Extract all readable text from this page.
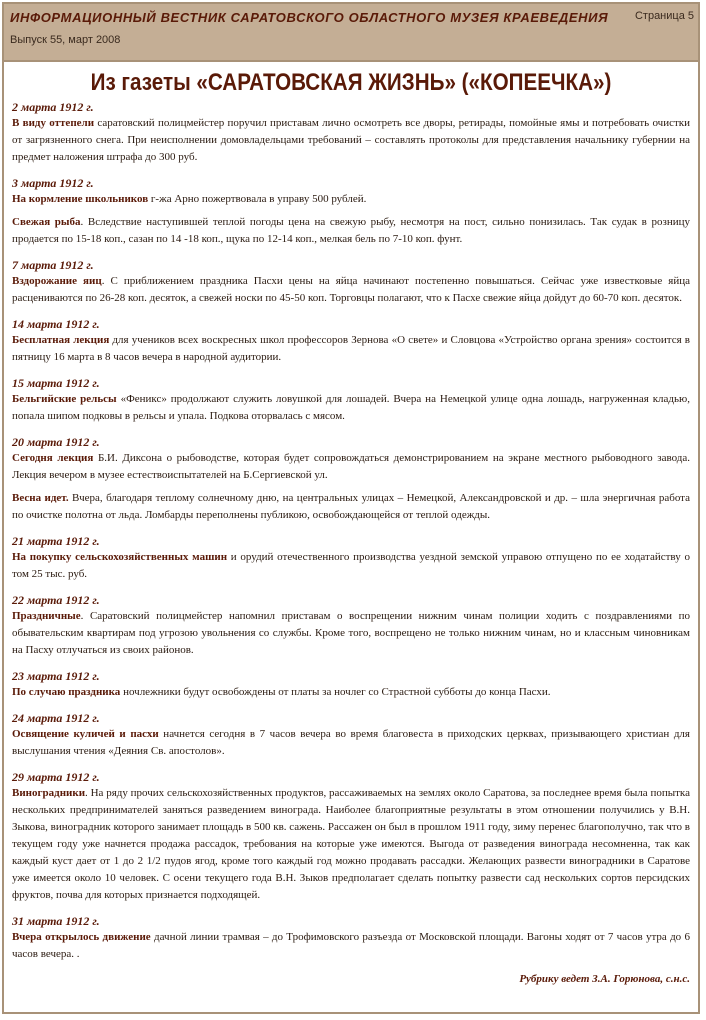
ИНФОРМАЦИОННЫЙ ВЕСТНИК САРАТОВСКОГО ОБЛАСТНОГО МУЗЕЯ КРАЕВЕДЕНИЯ
Выпуск 55, март 2008
Страница 5
Из газеты «САРАТОВСКАЯ ЖИЗНЬ» («КОПЕЕЧКА»)
2 марта 1912 г.

В виду оттепели саратовский полицмейстер поручил приставам лично осмотреть все дворы, ретирады, помойные ямы и потребовать очистки от загрязненного снега. При неисполнении домовладельцами требований – составлять протоколы для представления начальнику губернии на предмет наложения штрафа до 300 руб.

3 марта 1912 г.

На кормление школьников г-жа Арно пожертвовала в управу 500 рублей.

Свежая рыба. Вследствие наступившей теплой погоды цена на свежую рыбу, несмотря на пост, сильно понизилась. Так судак в розницу продается по 15-18 коп., сазан по 14 -18 коп., щука по 12-14 коп., мелкая бель по 7-10 коп. фунт.

7 марта 1912 г.

Вздорожание яиц. С приближением праздника Пасхи цены на яйца начинают постепенно повышаться. Сейчас уже известковые яйца расцениваются по 26-28 коп. десяток, а свежей носки по 45-50 коп. Торговцы полагают, что к Пасхе свежие яйца дойдут до 60-70 коп. десяток.

14 марта 1912 г.

Бесплатная лекция для учеников всех воскресных школ профессоров Зернова «О свете» и Словцова «Устройство органа зрения» состоится в пятницу 16 марта в 8 часов вечера в народной аудитории.

15 марта 1912 г.

Бельгийские рельсы «Феникс» продолжают служить ловушкой для лошадей. Вчера на Немецкой улице одна лошадь, нагруженная кладью, попала шипом подковы в рельсы и упала. Подкова оторвалась с мясом.

20 марта 1912 г.

Сегодня лекция Б.И. Диксона о рыбоводстве, которая будет сопровождаться демонстрированием на экране местного рыбоводного завода. Лекция вечером в музее естествоиспытателей на Б.Сергиевской ул.

Весна идет. Вчера, благодаря теплому солнечному дню, на центральных улицах – Немецкой, Александровской и др. – шла энергичная работа по очистке полотна от льда. Ломбарды переполнены публикою, освобождающейся от теплой одежды.

21 марта 1912 г.

На покупку сельскохозяйственных машин и орудий отечественного производства уездной земской управою отпущено по ее ходатайству о том 25 тыс. руб.

22 марта 1912 г.

Праздничные. Саратовский полицмейстер напомнил приставам о воспрещении нижним чинам полиции ходить с поздравлениями по обывательским квартирам под угрозою увольнения со службы. Кроме того, воспрещено не только нижним чинам, но и классным чиновникам на Пасху отлучаться из своих районов.

23 марта 1912 г.

По случаю праздника ночлежники будут освобождены от платы за ночлег со Страстной субботы до конца Пасхи.

24 марта 1912 г.

Освящение куличей и пасхи начнется сегодня в 7 часов вечера во время благовеста в приходских церквах, призывающего христиан для выслушания чтения «Деяния Св. апостолов».

29 марта 1912 г.

Виноградники. На ряду прочих сельскохозяйственных продуктов, рассаживаемых на землях около Саратова, за последнее время была попытка нескольких предпринимателей заняться разведением винограда. Наиболее благоприятные результаты в этом отношении получились у В.Н. Зыкова, виноградник которого занимает площадь в 500 кв. сажень. Рассажен он был в прошлом 1911 году, зиму перенес благополучно, так что в текущем году уже начнется продажа рассадок, требования на которые уже имеются. Выгода от разведения винограда несомненна, так как каждый куст дает от 1 до 2 1/2 пудов ягод, кроме того каждый год можно продавать рассадки. Желающих развести виноградники в Саратове уже имеется около 10 человек. С осени текущего года В.Н. Зыков предполагает сделать попытку развести сад нескольких сортов персидских фруктов, почва для которых признается подходящей.

31 марта 1912 г.

Вчера открылось движение дачной линии трамвая – до Трофимовского разъезда от Московской площади. Вагоны ходят от 7 часов утра до 6 часов вечера. .

Рубрику ведет З.А. Горюнова, с.н.с.
